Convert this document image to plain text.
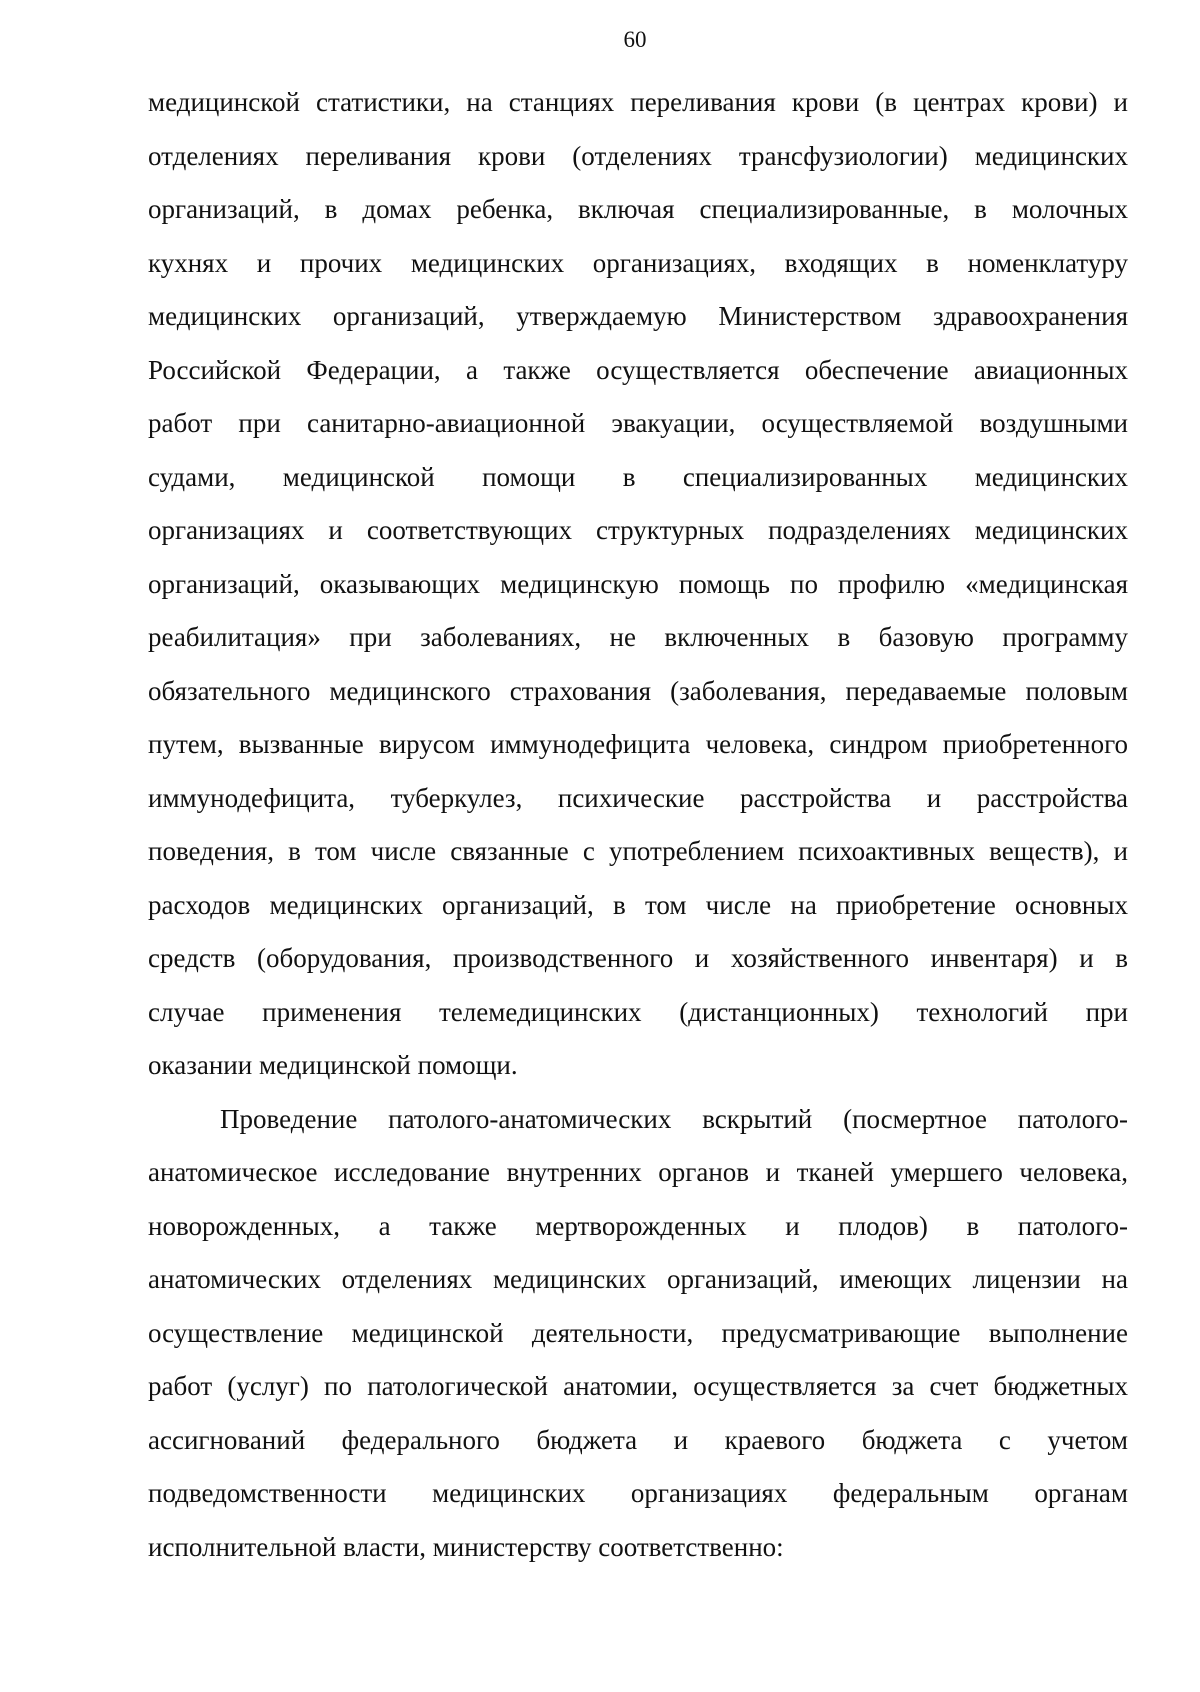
60
медицинской статистики, на станциях переливания крови (в центрах крови) и
отделениях переливания крови (отделениях трансфузиологии) медицинских
организаций, в домах ребенка, включая специализированные, в молочных
кухнях и прочих медицинских организациях, входящих в номенклатуру
медицинских организаций, утверждаемую Министерством здравоохранения
Российской Федерации, а также осуществляется обеспечение авиационных
работ при санитарно-авиационной эвакуации, осуществляемой воздушными
судами, медицинской помощи в специализированных медицинских
организациях и соответствующих структурных подразделениях медицинских
организаций, оказывающих медицинскую помощь по профилю «медицинская
реабилитация» при заболеваниях, не включенных в базовую программу
обязательного медицинского страхования (заболевания, передаваемые половым
путем, вызванные вирусом иммунодефицита человека, синдром приобретенного
иммунодефицита, туберкулез, психические расстройства и расстройства
поведения, в том числе связанные с употреблением психоактивных веществ), и
расходов медицинских организаций, в том числе на приобретение основных
средств (оборудования, производственного и хозяйственного инвентаря) и в
случае применения телемедицинских (дистанционных) технологий при
оказании медицинской помощи.
Проведение патолого-анатомических вскрытий (посмертное патолого-
анатомическое исследование внутренних органов и тканей умершего человека,
новорожденных, а также мертворожденных и плодов) в патолого-
анатомических отделениях медицинских организаций, имеющих лицензии на
осуществление медицинской деятельности, предусматривающие выполнение
работ (услуг) по патологической анатомии, осуществляется за счет бюджетных
ассигнований федерального бюджета и краевого бюджета с учетом
подведомственности медицинских организациях федеральным органам
исполнительной власти, министерству соответственно:
